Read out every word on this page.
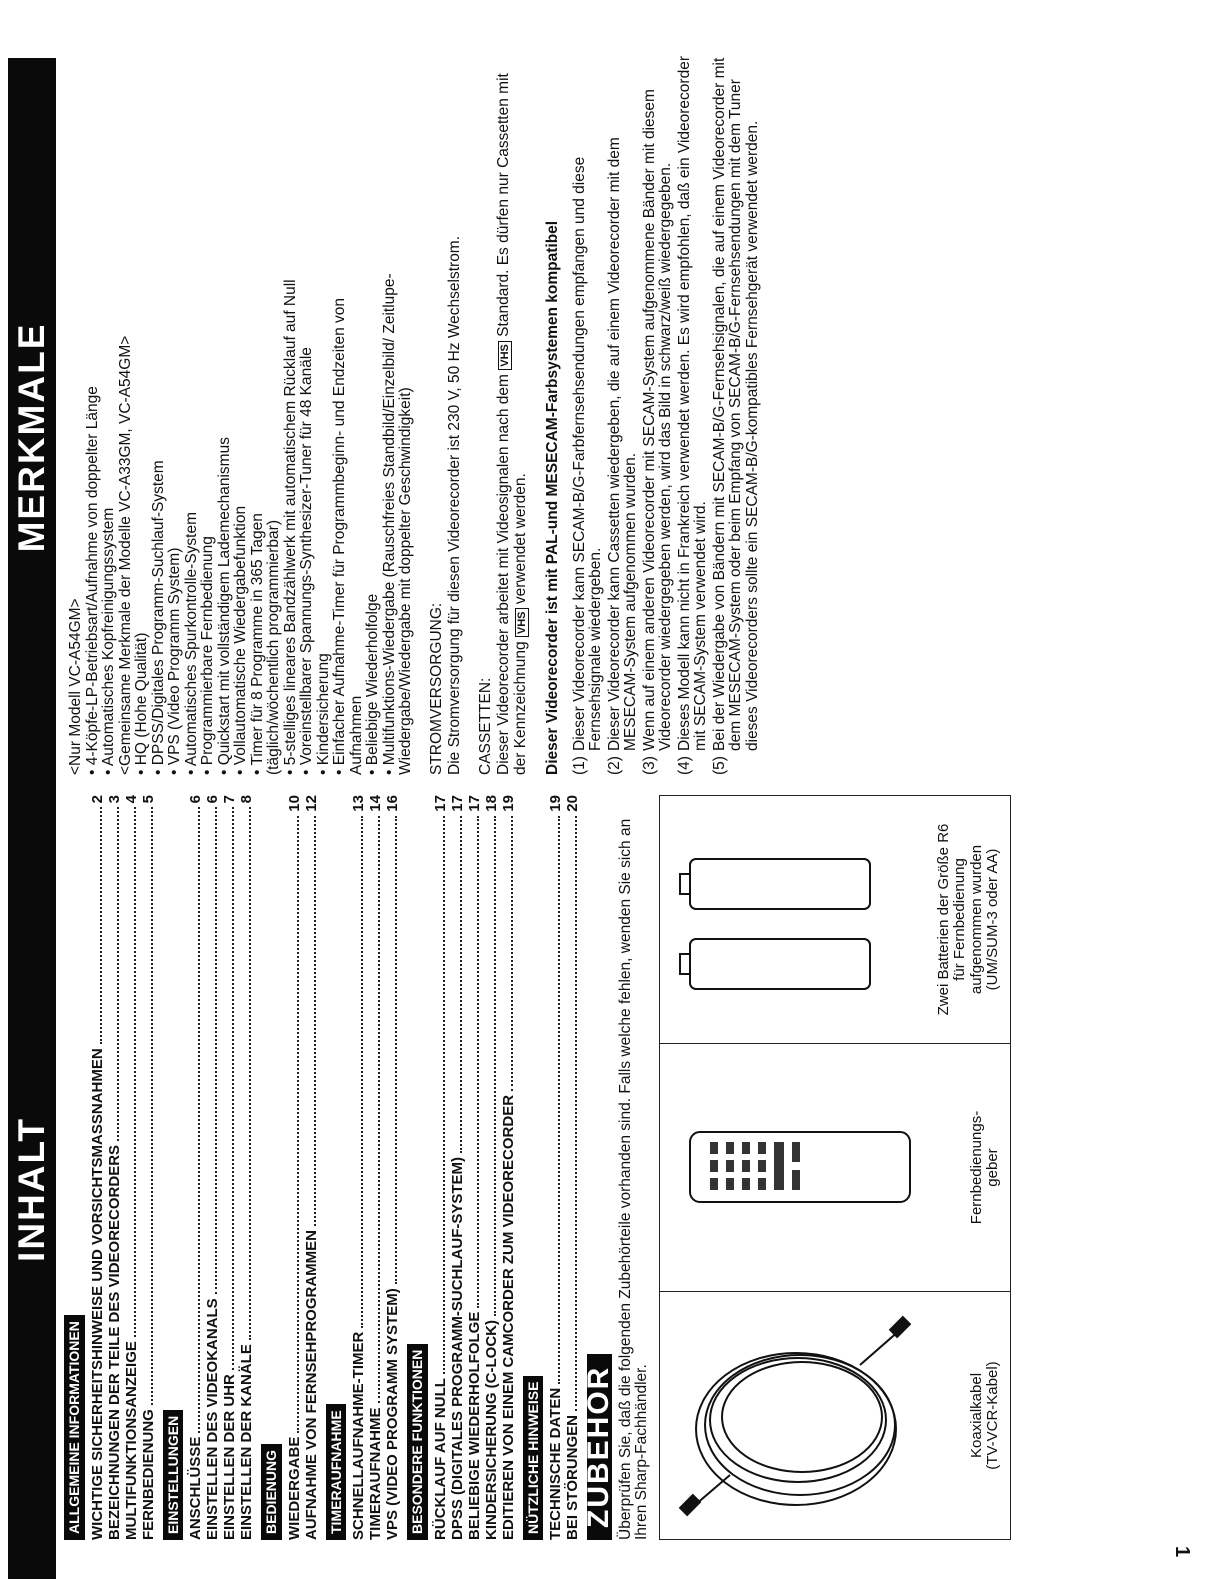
MERKMALE
<Nur Modell VC-A54GM> • 4-Köpfe-LP-Betriebsart/Aufnahme von doppelter Länge • Automatisches Kopfreinigungssystem <Gemeinsame Merkmale der Modelle VC-A33GM, VC-A54GM> • HQ (Hohe Qualität) • DPSS/Digitales Programm-Suchlauf-System • VPS (Video Programm System) • Automatisches Spurkontrolle-System • Programmierbare Fernbedienung • Quickstart mit vollständigem Lademechanismus • Vollautomatische Wiedergabefunktion • Timer für 8 Programme in 365 Tagen (täglich/wöchentlich programmierbar) • 5-stelliges lineares Bandzählwerk mit automatischem Rücklauf auf Null • Voreinstellbarer Spannungs-Synthesizer-Tuner für 48 Kanäle • Kindersicherung • Einfacher Aufnahme-Timer für Programmbeginn- und Endzeiten von Aufnahmen • Beliebige Wiederholfolge • Multifunktions-Wiedergabe (Rauschfreies Standbild/Einzelbild/ Zeitlupe- Wiedergabe/Wiedergabe mit doppelter Geschwindigkeit) STROMVERSORGUNG: Die Stromversorgung für diesen Videorecorder ist 230 V, 50 Hz Wechselstrom. CASSETTEN: Dieser Videorecorder arbeitet mit Videosignalen nach dem VHS Standard. Es dürfen nur Cassetten mit der Kennzeichnung VHS verwendet werden. Dieser Videorecorder ist mit PAL-und MESECAM-Farbsystemen kompatibel (1)
Dieser Videorecorder kann SECAM-B/G-Farbfernsehsendungen empfangen und diese Fernsehsignale wiedergeben.
(2)
Dieser Videorecorder kann Cassetten wiedergeben, die auf einem Videorecorder mit dem MESECAM-System aufgenommen wurden.
(3)
Wenn auf einem anderen Videorecorder mit SECAM-System aufgenommene Bänder mit diesem Videorecorder wiedergegeben werden, wird das Bild in schwarz/weiß wiedergegeben.
(4)
Dieses Modell kann nicht in Frankreich verwendet werden. Es wird empfohlen, daß ein Videorecorder mit SECAM-System verwendet wird.
(5)
Bei der Wiedergabe von Bändern mit SECAM-B/G-Fernsehsignalen, die auf einem Videorecorder mit dem MESECAM-System oder beim Empfang von SECAM-B/G-Fernsehsendungen mit dem Tuner dieses Videorecorders sollte ein SECAM-B/G-kompatibles Fernsehgerät verwendet werden.
INHALT
ALLGEMEINE INFORMATIONEN WICHTIGE SICHERHEITSHINWEISE UND VORSICHTSMASSNAHMEN
2
BEZEICHNUNGEN DER TEILE DES VIDEORECORDERS
3
MULTIFUNKTIONSANZEIGE
4
FERNBEDIENUNG
5
EINSTELLUNGEN ANSCHLÜSSE
6
EINSTELLEN DES VIDEOKANALS
6
EINSTELLEN DER UHR
7
EINSTELLEN DER KANÄLE
8
BEDIENUNG WIEDERGABE
10
AUFNAHME VON FERNSEHPROGRAMMEN
12
TIMERAUFNAHME SCHNELLAUFNAHME-TIMER
13
TIMERAUFNAHME
14
VPS (VIDEO PROGRAMM SYSTEM)
16
BESONDERE FUNKTIONEN RÜCKLAUF AUF NULL
17
DPSS (DIGITALES PROGRAMM-SUCHLAUF-SYSTEM)
17
BELIEBIGE WIEDERHOLFOLGE
17
KINDERSICHERUNG (C-LOCK)
18
EDITIEREN VON EINEM CAMCORDER ZUM VIDEORECORDER
19
NÜTZLICHE HINWEISE TECHNISCHE DATEN
19
BEI STÖRUNGEN
20
ZUBEHÖR Überprüfen Sie, daß die folgenden Zubehörteile vorhanden sind. Falls welche fehlen, wenden Sie sich an Ihren Sharp-Fachhändler.	Koaxialkabel
(TV-VCR-Kabel)
Fernbedienungs-
geber
Zwei Batterien der Größe R6
für Fernbedienung
aufgenommen wurden
(UM/SUM-3 oder AA)
1
